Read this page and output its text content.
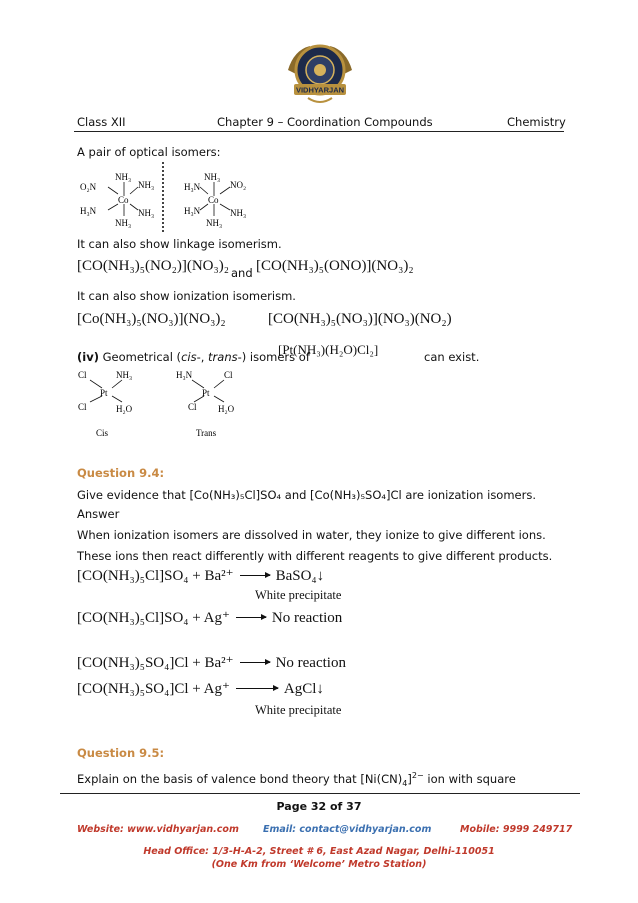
VIDHYARJAN
Class XII	Chapter 9 – Coordination Compounds	Chemistry
A pair of optical isomers:
NH₃
O₂N	NH₃
Co
H₃N	NH₃
NH₃
H₃N
NH₃
NO₂
Co
H₃N	NH₃
NH₃
It can also show linkage isomerism.
[CO(NH₃)₅(NO₂)](NO₃)₂ and [CO(NH₃)₅(ONO)](NO₃)₂
It can also show ionization isomerism.
[Co(NH₃)₅(NO₃)](NO₃)₂	[CO(NH₃)₅(NO₃)](NO₃)(NO₂)
(iv) Geometrical (cis-, trans-) isomers of
[Pt(NH₃)(H₂O)Cl₂]	can exist.
Cl	NH₃
Pt
Cl	H₂O
Cis
H₃N	Cl
Pt
Cl H₂O
Trans
Question 9.4:
Give evidence that [Co(NH₃)₅Cl]SO₄ and [Co(NH₃)₅SO₄]Cl are ionization isomers.
Answer
When ionization isomers are dissolved in water, they ionize to give different ions. These ions then react differently with different reagents to give different products.
[CO(NH₃)₅Cl]SO₄ + Ba²⁺	BaSO₄↓
White precipitate
[CO(NH₃)₅Cl]SO₄ + Ag⁺	No reaction
[CO(NH₃)₅SO₄]Cl + Ba²⁺	No reaction
[CO(NH₃)₅SO₄]Cl + Ag⁺	AgCl↓
White precipitate
Question 9.5:
Explain on the basis of valence bond theory that $[Ni(CN)_4]^{2-}$ ion with square
Page 32 of 37
Website: www.vidhyarjan.com	Email: contact@vidhyarjan.com	Mobile: 9999 249717
Head Office: 1/3-H-A-2, Street # 6, East Azad Nagar, Delhi-110051
(One Km from ‘Welcome’ Metro Station)
